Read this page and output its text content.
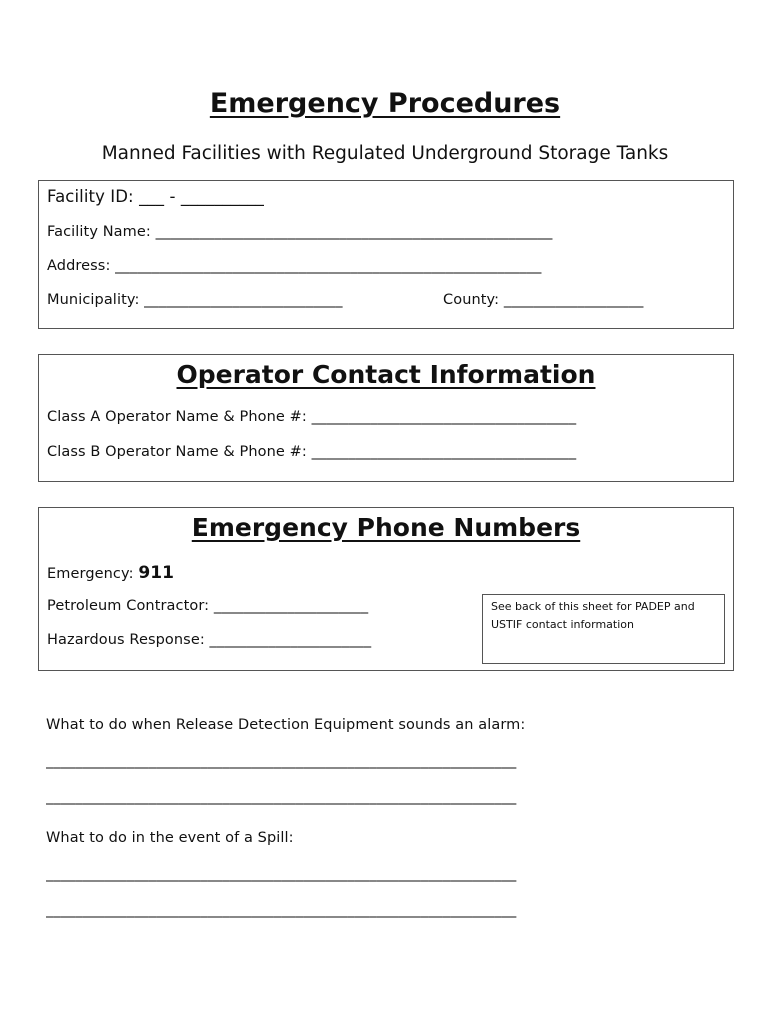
Emergency Procedures
Manned Facilities with Regulated Underground Storage Tanks
Facility ID: ___ - __________
Facility Name: ______________________________________________________
Address: __________________________________________________________
Municipality: ___________________________	County: ___________________
Operator Contact Information
Class A Operator Name & Phone #: ____________________________________
Class B Operator Name & Phone #: ____________________________________
Emergency Phone Numbers
Emergency: 911
Petroleum Contractor: _____________________
Hazardous Response: ______________________
See back of this sheet for PADEP and USTIF contact information
What to do when Release Detection Equipment sounds an alarm:
________________________________________________________________
________________________________________________________________
What to do in the event of a Spill:
________________________________________________________________
________________________________________________________________
